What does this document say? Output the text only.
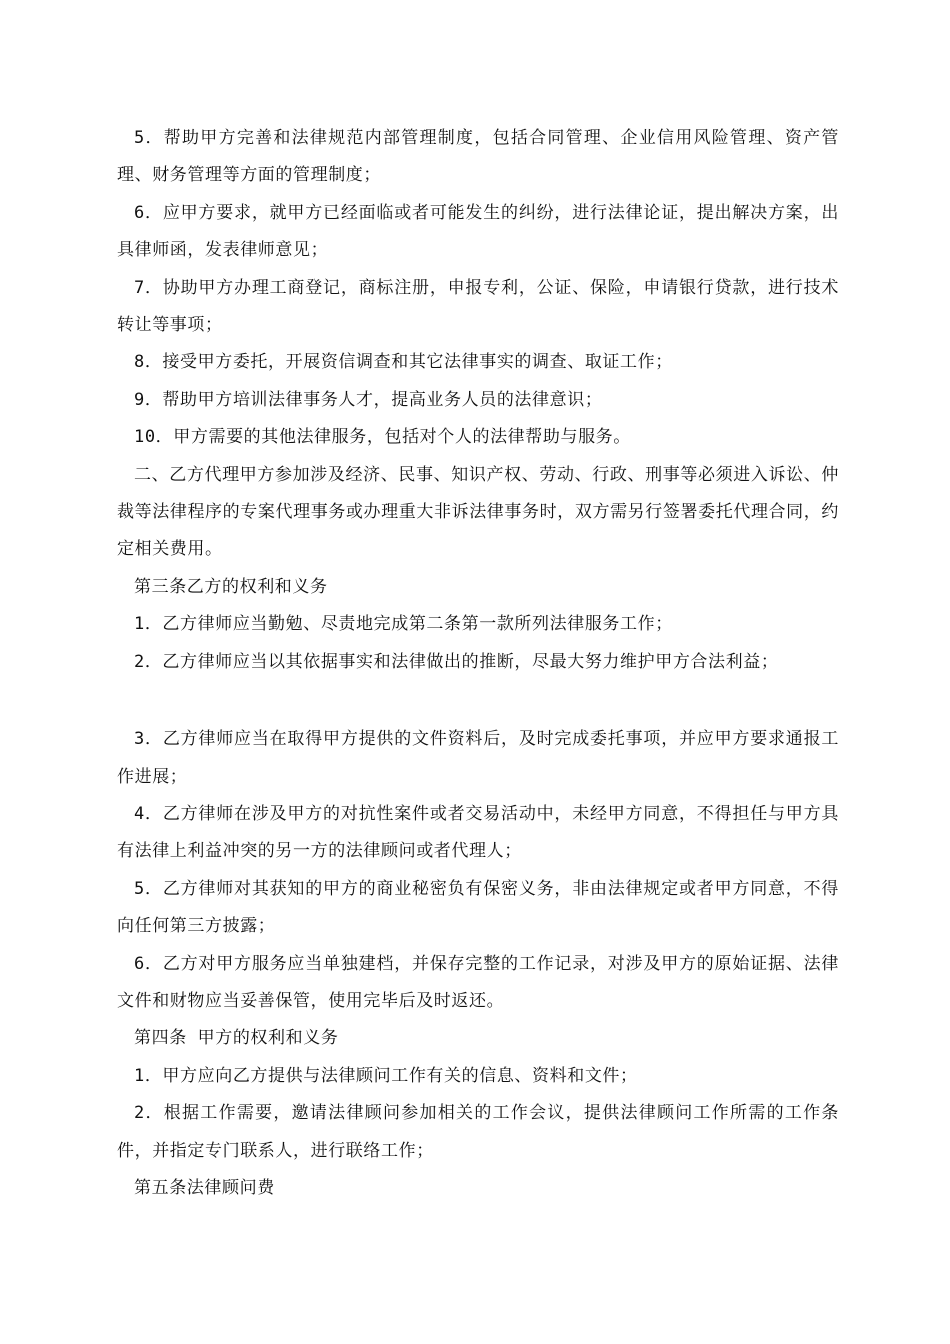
5．帮助甲方完善和法律规范内部管理制度，包括合同管理、企业信用风险管理、资产管理、财务管理等方面的管理制度；

6．应甲方要求，就甲方已经面临或者可能发生的纠纷，进行法律论证，提出解决方案，出具律师函，发表律师意见；

7．协助甲方办理工商登记，商标注册，申报专利，公证、保险，申请银行贷款，进行技术转让等事项；

8．接受甲方委托，开展资信调查和其它法律事实的调查、取证工作；

9．帮助甲方培训法律事务人才，提高业务人员的法律意识；

10．甲方需要的其他法律服务，包括对个人的法律帮助与服务。

二、乙方代理甲方参加涉及经济、民事、知识产权、劳动、行政、刑事等必须进入诉讼、仲裁等法律程序的专案代理事务或办理重大非诉法律事务时，双方需另行签署委托代理合同，约定相关费用。

第三条乙方的权利和义务

1．乙方律师应当勤勉、尽责地完成第二条第一款所列法律服务工作；

2．乙方律师应当以其依据事实和法律做出的推断，尽最大努力维护甲方合法利益；

3．乙方律师应当在取得甲方提供的文件资料后，及时完成委托事项，并应甲方要求通报工作进展；

4．乙方律师在涉及甲方的对抗性案件或者交易活动中，未经甲方同意，不得担任与甲方具有法律上利益冲突的另一方的法律顾问或者代理人；

5．乙方律师对其获知的甲方的商业秘密负有保密义务，非由法律规定或者甲方同意，不得向任何第三方披露；

6．乙方对甲方服务应当单独建档，并保存完整的工作记录，对涉及甲方的原始证据、法律文件和财物应当妥善保管，使用完毕后及时返还。

第四条 甲方的权利和义务

1．甲方应向乙方提供与法律顾问工作有关的信息、资料和文件；

2．根据工作需要，邀请法律顾问参加相关的工作会议，提供法律顾问工作所需的工作条件，并指定专门联系人，进行联络工作；

第五条法律顾问费
